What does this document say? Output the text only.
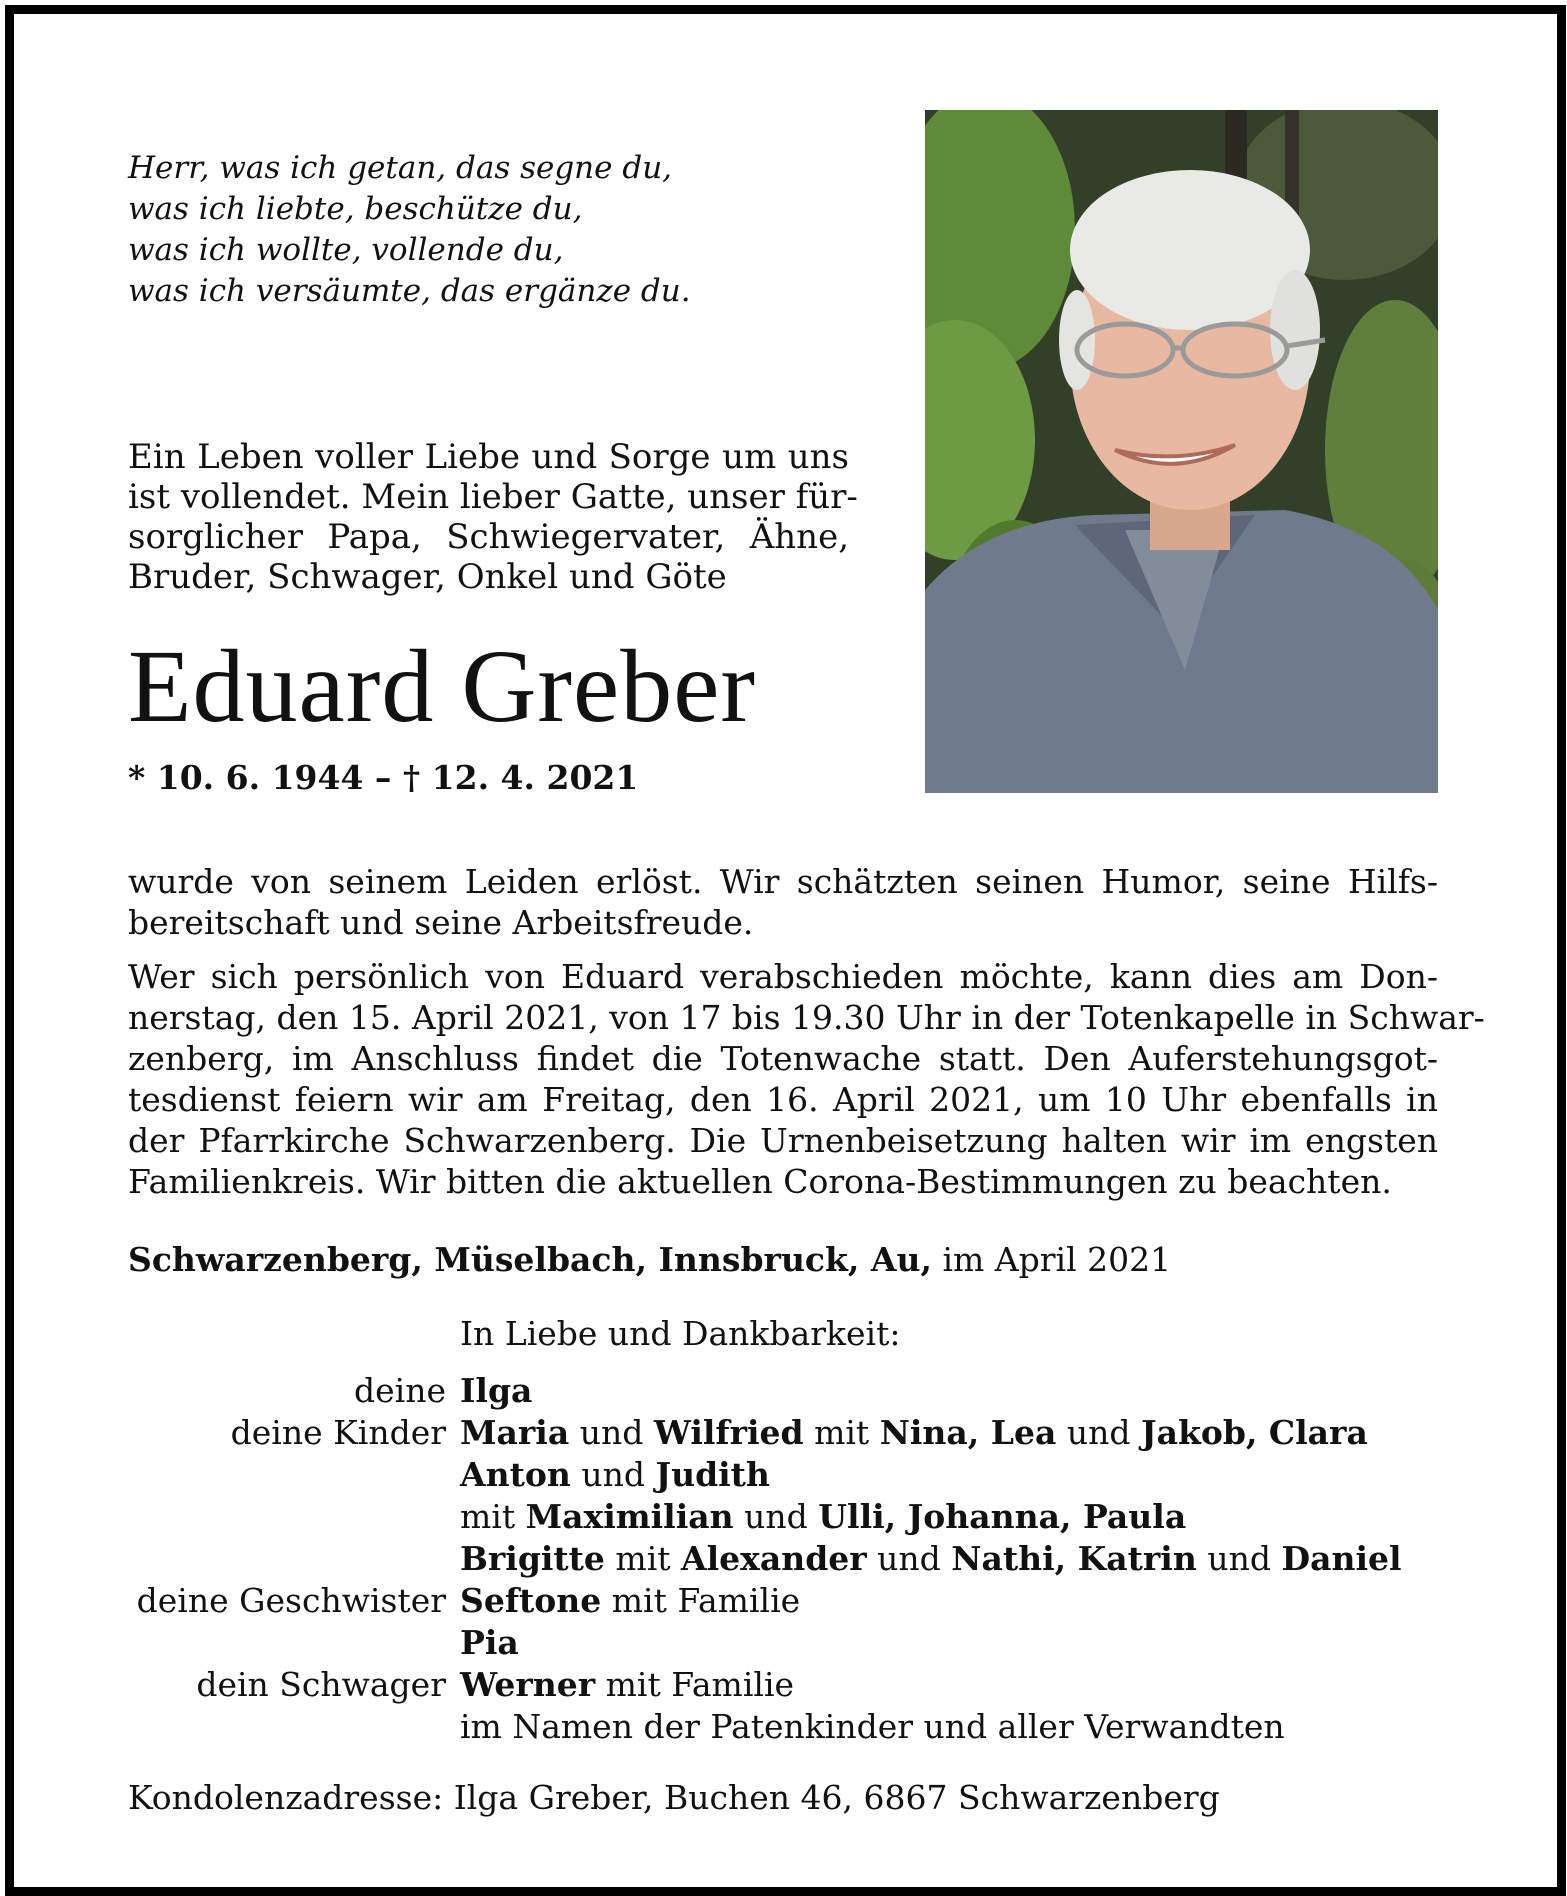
Herr, was ich getan, das segne du,
was ich liebte, beschütze du,
was ich wollte, vollende du,
was ich versäumte, das ergänze du.
Ein Leben voller Liebe und Sorge um uns
ist vollendet. Mein lieber Gatte, unser für-
sorglicher Papa, Schwiegervater, Ähne,
Bruder, Schwager, Onkel und Göte
Eduard Greber
* 10. 6. 1944 – † 12. 4. 2021
wurde von seinem Leiden erlöst. Wir schätzten seinen Humor, seine Hilfs-
bereitschaft und seine Arbeitsfreude.
Wer sich persönlich von Eduard verabschieden möchte, kann dies am Don-
nerstag, den 15. April 2021, von 17 bis 19.30 Uhr in der Totenkapelle in Schwar-
zenberg, im Anschluss findet die Totenwache statt. Den Auferstehungsgot-
tesdienst feiern wir am Freitag, den 16. April 2021, um 10 Uhr ebenfalls in
der Pfarrkirche Schwarzenberg. Die Urnenbeisetzung halten wir im engsten
Familienkreis. Wir bitten die aktuellen Corona-Bestimmungen zu beachten.
Schwarzenberg, Müselbach, Innsbruck, Au, im April 2021
In Liebe und Dankbarkeit:
deine Ilga
deine Kinder Maria und Wilfried mit Nina, Lea und Jakob, Clara
Anton und Judith
mit Maximilian und Ulli, Johanna, Paula
Brigitte mit Alexander und Nathi, Katrin und Daniel
deine Geschwister Seftone mit Familie
Pia
dein Schwager Werner mit Familie
im Namen der Patenkinder und aller Verwandten
Kondolenzadresse: Ilga Greber, Buchen 46, 6867 Schwarzenberg
